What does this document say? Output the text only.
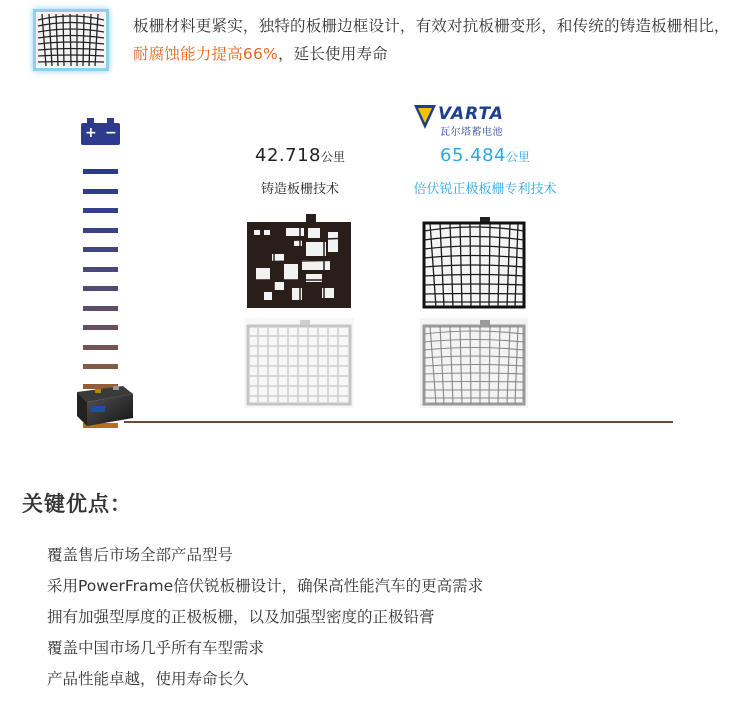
板栅材料更紧实，独特的板栅边框设计，有效对抗板栅变形，和传统的铸造板栅相比，耐腐蚀能力提高66%，延长使用寿命

+ −
VARTA
瓦尔塔蓄电池
42.718公里
铸造板栅技术
65.484公里
倍伏锐正极板栅专利技术
关键优点：
覆盖售后市场全部产品型号
采用PowerFrame倍伏锐板栅设计，确保高性能汽车的更高需求
拥有加强型厚度的正极板栅，以及加强型密度的正极铅膏
覆盖中国市场几乎所有车型需求
产品性能卓越，使用寿命长久
